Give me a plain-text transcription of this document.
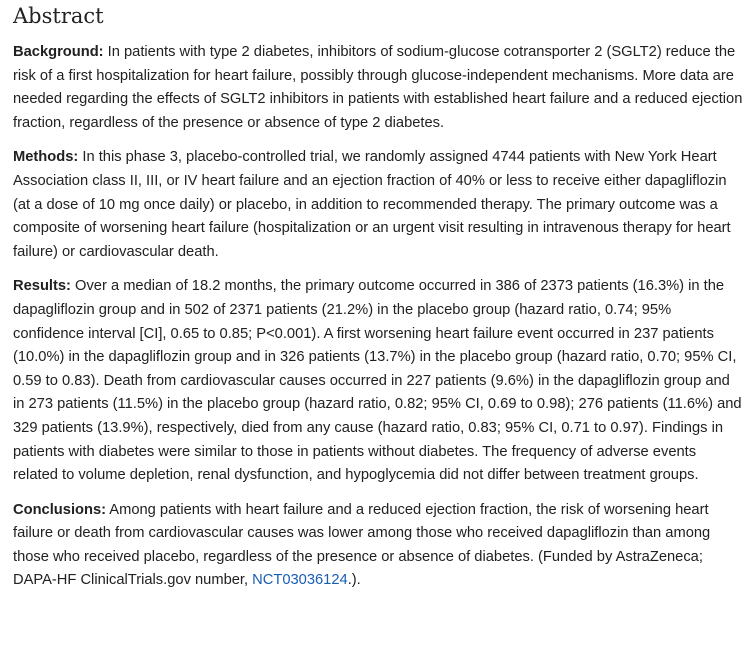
Abstract

Background: In patients with type 2 diabetes, inhibitors of sodium-glucose cotransporter 2 (SGLT2) reduce the risk of a first hospitalization for heart failure, possibly through glucose-independent mechanisms. More data are needed regarding the effects of SGLT2 inhibitors in patients with established heart failure and a reduced ejection fraction, regardless of the presence or absence of type 2 diabetes.

Methods: In this phase 3, placebo-controlled trial, we randomly assigned 4744 patients with New York Heart Association class II, III, or IV heart failure and an ejection fraction of 40% or less to receive either dapagliflozin (at a dose of 10 mg once daily) or placebo, in addition to recommended therapy. The primary outcome was a composite of worsening heart failure (hospitalization or an urgent visit resulting in intravenous therapy for heart failure) or cardiovascular death.

Results: Over a median of 18.2 months, the primary outcome occurred in 386 of 2373 patients (16.3%) in the dapagliflozin group and in 502 of 2371 patients (21.2%) in the placebo group (hazard ratio, 0.74; 95% confidence interval [CI], 0.65 to 0.85; P<0.001). A first worsening heart failure event occurred in 237 patients (10.0%) in the dapagliflozin group and in 326 patients (13.7%) in the placebo group (hazard ratio, 0.70; 95% CI, 0.59 to 0.83). Death from cardiovascular causes occurred in 227 patients (9.6%) in the dapagliflozin group and in 273 patients (11.5%) in the placebo group (hazard ratio, 0.82; 95% CI, 0.69 to 0.98); 276 patients (11.6%) and 329 patients (13.9%), respectively, died from any cause (hazard ratio, 0.83; 95% CI, 0.71 to 0.97). Findings in patients with diabetes were similar to those in patients without diabetes. The frequency of adverse events related to volume depletion, renal dysfunction, and hypoglycemia did not differ between treatment groups.

Conclusions: Among patients with heart failure and a reduced ejection fraction, the risk of worsening heart failure or death from cardiovascular causes was lower among those who received dapagliflozin than among those who received placebo, regardless of the presence or absence of diabetes. (Funded by AstraZeneca; DAPA-HF ClinicalTrials.gov number, NCT03036124.).
